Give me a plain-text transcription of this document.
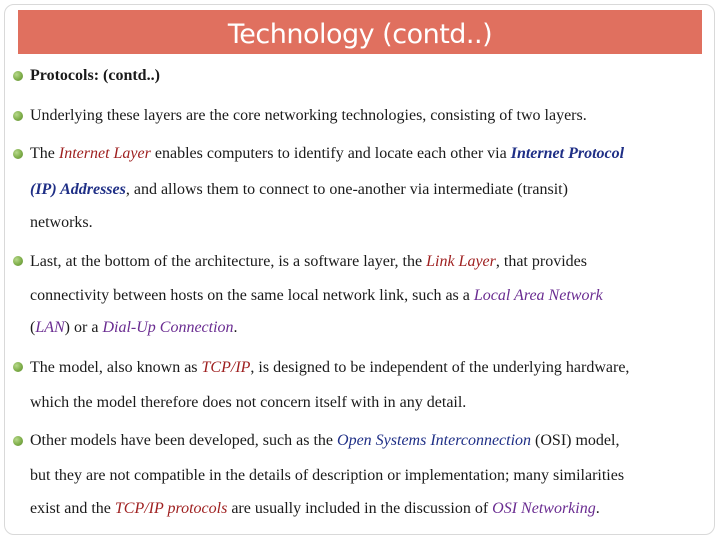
Technology (contd..)
Protocols: (contd..)
Underlying these layers are the core networking technologies, consisting of two layers.
The Internet Layer enables computers to identify and locate each other via Internet Protocol
(IP) Addresses, and allows them to connect to one-another via intermediate (transit)
networks.
Last, at the bottom of the architecture, is a software layer, the Link Layer, that provides
connectivity between hosts on the same local network link, such as a Local Area Network
(LAN) or a Dial-Up Connection.
The model, also known as TCP/IP, is designed to be independent of the underlying hardware,
which the model therefore does not concern itself with in any detail.
Other models have been developed, such as the Open Systems Interconnection (OSI) model,
but they are not compatible in the details of description or implementation; many similarities
exist and the TCP/IP protocols are usually included in the discussion of OSI Networking.
